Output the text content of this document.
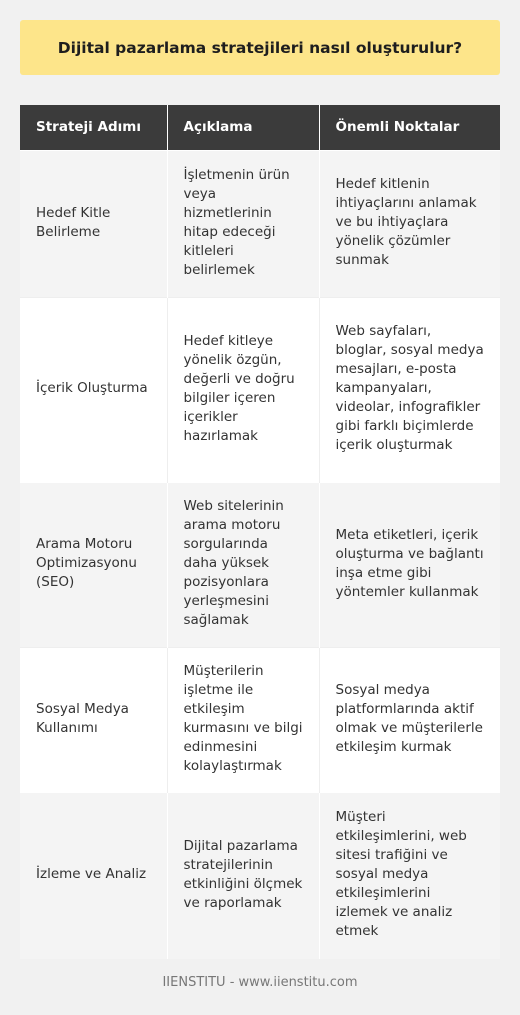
Dijital pazarlama stratejileri nasıl oluşturulur?
Strateji Adımı	Açıklama	Önemli Noktalar
Hedef Kitle Belirleme	İşletmenin ürün veya hizmetlerinin hitap edeceği kitleleri belirlemek	Hedef kitlenin ihtiyaçlarını anlamak ve bu ihtiyaçlara yönelik çözümler sunmak
İçerik Oluşturma	Hedef kitleye yönelik özgün, değerli ve doğru bilgiler içeren içerikler hazırlamak	Web sayfaları, bloglar, sosyal medya mesajları, e-posta kampanyaları, videolar, infografikler gibi farklı biçimlerde içerik oluşturmak
Arama Motoru Optimizasyonu (SEO)	Web sitelerinin arama motoru sorgularında daha yüksek pozisyonlara yerleşmesini sağlamak	Meta etiketleri, içerik oluşturma ve bağlantı inşa etme gibi yöntemler kullanmak
Sosyal Medya Kullanımı	Müşterilerin işletme ile etkileşim kurmasını ve bilgi edinmesini kolaylaştırmak	Sosyal medya platformlarında aktif olmak ve müşterilerle etkileşim kurmak
İzleme ve Analiz	Dijital pazarlama stratejilerinin etkinliğini ölçmek ve raporlamak	Müşteri etkileşimlerini, web sitesi trafiğini ve sosyal medya etkileşimlerini izlemek ve analiz etmek
IIENSTITU - www.iienstitu.com
